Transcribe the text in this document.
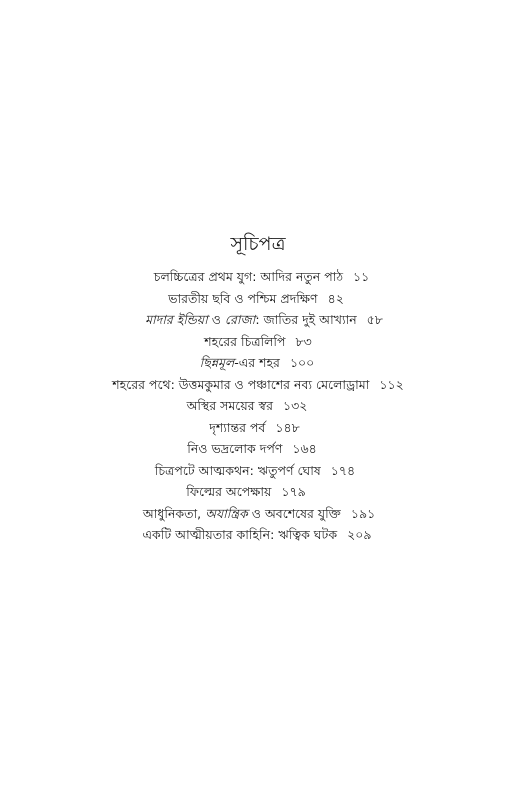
সূচিপত্র
চলচ্চিত্রের প্রথম যুগ: আদির নতুন পাঠ ১১
ভারতীয় ছবি ও পশ্চিম প্রদক্ষিণ ৪২
মাদার ইন্ডিয়া ও রোজা: জাতির দুই আখ্যান ৫৮
শহরের চিত্রলিপি ৮৩
ছিন্নমূল-এর শহর ১০০
শহরের পথে: উত্তমকুমার ও পঞ্চাশের নব্য মেলোড্রামা ১১২
অস্থির সময়ের স্বর ১৩২
দৃশ্যান্তর পর্ব ১৪৮
নিও ভদ্রলোক দর্পণ ১৬৪
চিত্রপটে আত্মকথন: ঋতুপর্ণ ঘোষ ১৭৪
ফিল্মের অপেক্ষায় ১৭৯
আধুনিকতা, অযান্ত্রিক ও অবশেষের যুক্তি ১৯১
একটি আত্মীয়তার কাহিনি: ঋত্বিক ঘটক ২০৯
